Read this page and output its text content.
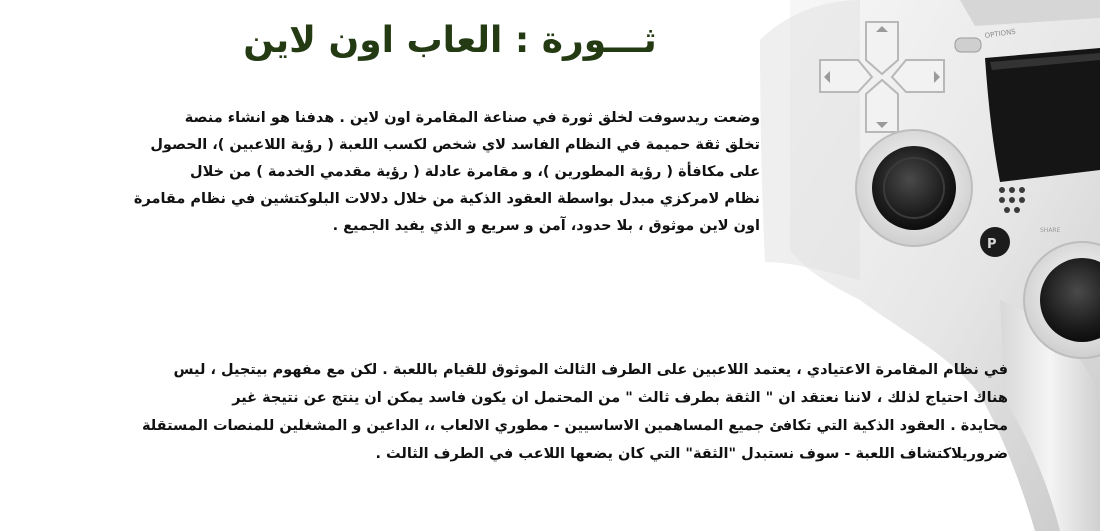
OPTIONS
P
SHARE
ثـــورة : العاب اون لاين
وضعت ريدسوفت لخلق ثورة في صناعة المقامرة اون لاين . هدفنا هو انشاء منصة
تخلق ثقة حميمة في النظام الفاسد لاي شخص لكسب اللعبة ( رؤية اللاعبين )، الحصول
على مكافأة ( رؤية المطورين )، و مقامرة عادلة ( رؤية مقدمي الخدمة ) من خلال
نظام لامركزي مبدل بواسطة العقود الذكية من خلال دلالات البلوكتشين في نظام مقامرة
اون لاين موثوق ، بلا حدود، آمن و سريع و الذي يفيد الجميع .
في نظام المقامرة الاعتيادي ، يعتمد اللاعبين على الطرف الثالث الموثوق للقيام باللعبة . لكن مع مفهوم بيتجيل ، ليس
هناك احتياج لذلك ، لاننا نعتقد ان " الثقة بطرف ثالث " من المحتمل ان يكون فاسد يمكن ان ينتج عن نتيجة غير
محايدة . العقود الذكية التي تكافئ جميع المساهمين الاساسيين - مطوري الالعاب ،، الداعين و المشغلين للمنصات المستقلة
ضروريلاكتشاف اللعبة - سوف نستبدل "الثقة" التي كان يضعها اللاعب في الطرف الثالث .
